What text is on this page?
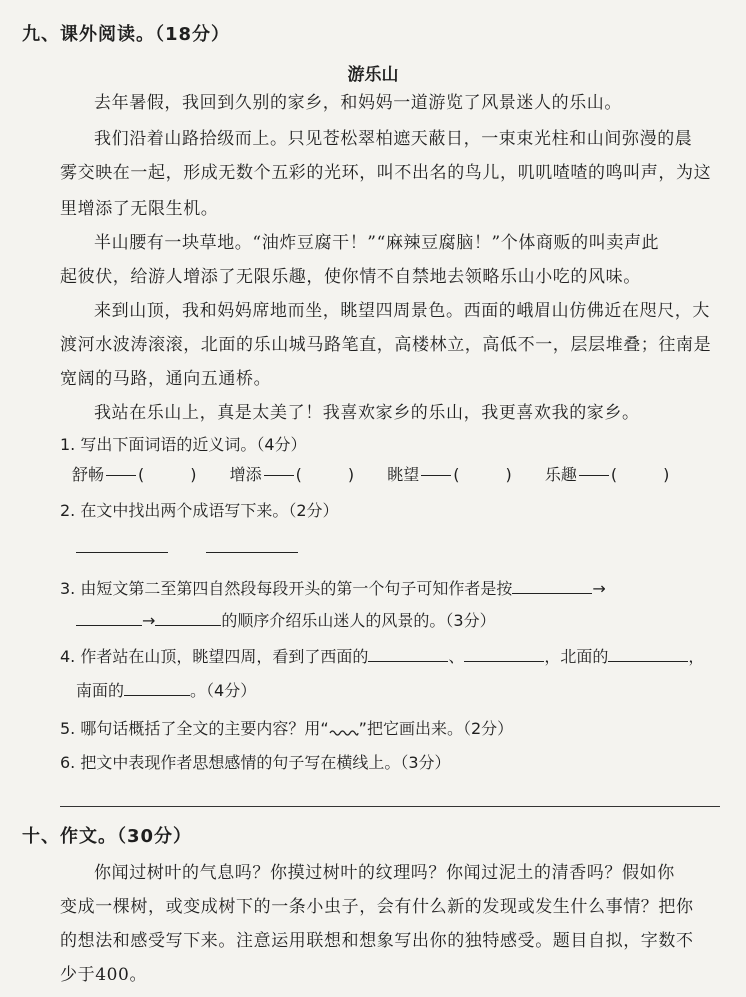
九、课外阅读。（18分）
游乐山
去年暑假，我回到久别的家乡，和妈妈一道游览了风景迷人的乐山。
我们沿着山路拾级而上。只见苍松翠柏遮天蔽日，一束束光柱和山间弥漫的晨
雾交映在一起，形成无数个五彩的光环，叫不出名的鸟儿，叽叽喳喳的鸣叫声，为这
里增添了无限生机。
半山腰有一块草地。“油炸豆腐干！”“麻辣豆腐脑！”个体商贩的叫卖声此
起彼伏，给游人增添了无限乐趣，使你情不自禁地去领略乐山小吃的风味。
来到山顶，我和妈妈席地而坐，眺望四周景色。西面的峨眉山仿佛近在咫尺，大
渡河水波涛滚滚，北面的乐山城马路笔直，高楼林立，高低不一，层层堆叠；往南是
宽阔的马路，通向五通桥。
我站在乐山上，真是太美了！我喜欢家乡的乐山，我更喜欢我的家乡。
1. 写出下面词语的近义词。（4分）
舒畅 (	) 增添 (	) 眺望 (	) 乐趣 (	)
2. 在文中找出两个成语写下来。（2分）
3. 由短文第二至第四自然段每段开头的第一个句子可知作者是按	→
→	的顺序介绍乐山迷人的风景的。（3分）
4. 作者站在山顶，眺望四周，看到了西面的	、	，北面的	，
南面的	。（4分）
5. 哪句话概括了全文的主要内容？用“ ”把它画出来。（2分）
6. 把文中表现作者思想感情的句子写在横线上。（3分）
十、作文。（30分）
你闻过树叶的气息吗？你摸过树叶的纹理吗？你闻过泥土的清香吗？假如你
变成一棵树，或变成树下的一条小虫子，会有什么新的发现或发生什么事情？把你
的想法和感受写下来。注意运用联想和想象写出你的独特感受。题目自拟，字数不
少于400。
